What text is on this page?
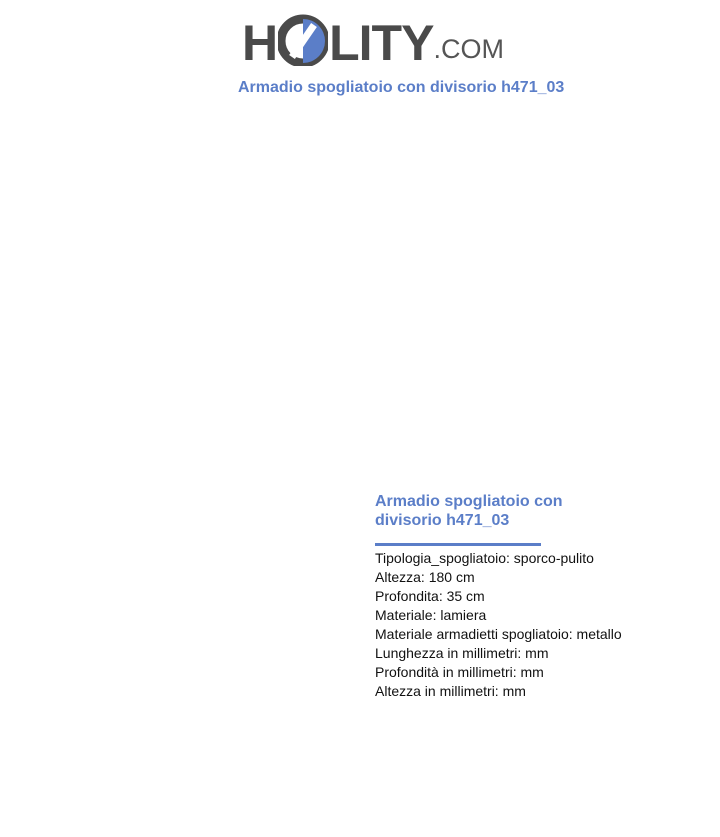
H LITY .COM
Armadio spogliatoio con divisorio h471_03
Armadio spogliatoio con divisorio h471_03
Tipologia_spogliatoio: sporco-pulito
Altezza: 180 cm
Profondita: 35 cm
Materiale: lamiera
Materiale armadietti spogliatoio: metallo
Lunghezza in millimetri: mm
Profondità in millimetri: mm
Altezza in millimetri: mm
